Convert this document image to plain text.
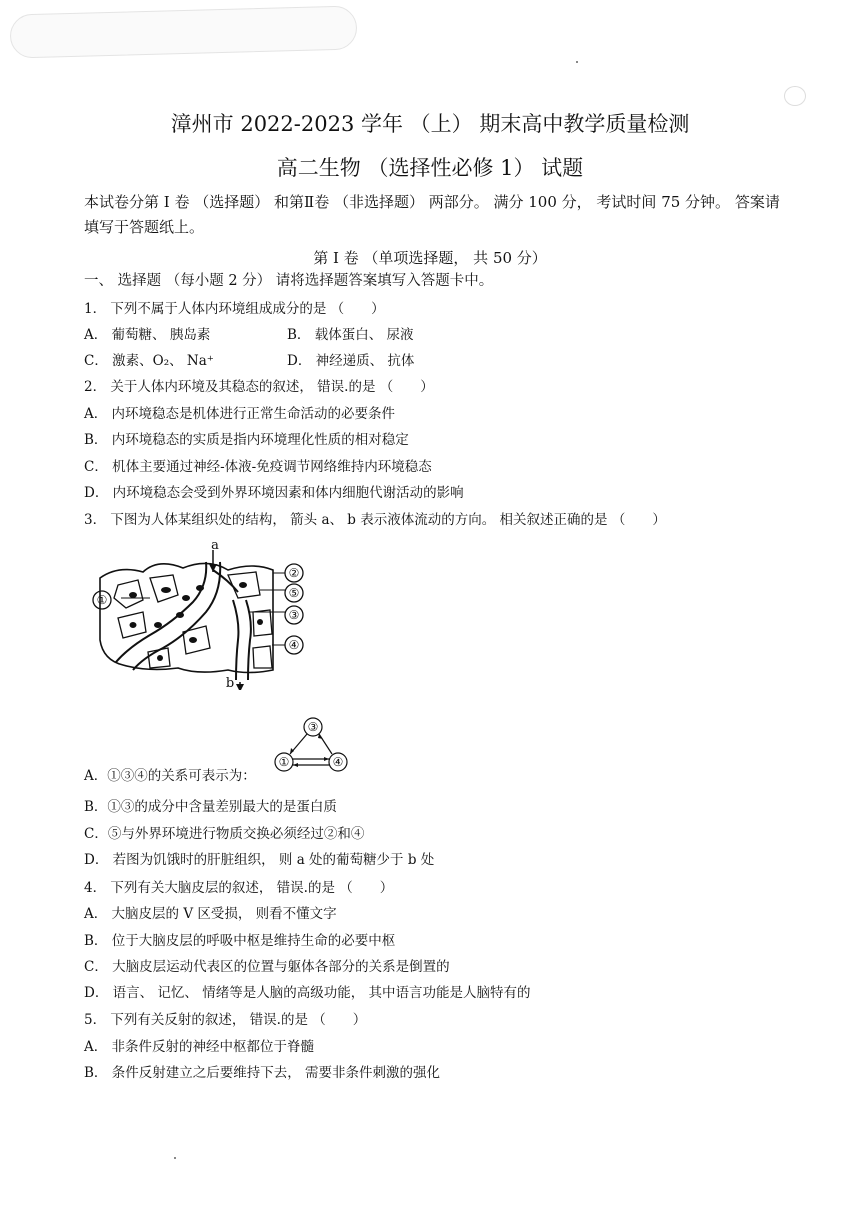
漳州市 2022-2023 学年 （上） 期末高中教学质量检测
高二生物 （选择性必修 1） 试题
本试卷分第 I 卷 （选择题） 和第Ⅱ卷 （非选择题） 两部分。 满分 100 分， 考试时间 75 分钟。 答案请填写于答题纸上。
第 I 卷 （单项选择题， 共 50 分）
一、 选择题 （每小题 2 分） 请将选择题答案填写入答题卡中。
1． 下列不属于人体内环境组成成分的是 （　　）
A． 葡萄糖、 胰岛素	B． 载体蛋白、 尿液
C． 激素、O₂、 Na⁺	D． 神经递质、 抗体
2． 关于人体内环境及其稳态的叙述， 错误.的是 （　　）
A． 内环境稳态是机体进行正常生命活动的必要条件
B． 内环境稳态的实质是指内环境理化性质的相对稳定
C． 机体主要通过神经-体液-免疫调节网络维持内环境稳态
D． 内环境稳态会受到外界环境因素和体内细胞代谢活动的影响
3． 下图为人体某组织处的结构， 箭头 a、 b 表示液体流动的方向。 相关叙述正确的是 （　　）
①
②
⑤
③
④
a
b
A．①③④的关系可表示为：
③
①	④
B．①③的成分中含量差别最大的是蛋白质
C．⑤与外界环境进行物质交换必须经过②和④
D． 若图为饥饿时的肝脏组织， 则 a 处的葡萄糖少于 b 处
4． 下列有关大脑皮层的叙述， 错误.的是 （　　）
A． 大脑皮层的 V 区受损， 则看不懂文字
B． 位于大脑皮层的呼吸中枢是维持生命的必要中枢
C． 大脑皮层运动代表区的位置与躯体各部分的关系是倒置的
D． 语言、 记忆、 情绪等是人脑的高级功能， 其中语言功能是人脑特有的
5． 下列有关反射的叙述， 错误.的是 （　　）
A． 非条件反射的神经中枢都位于脊髓
B． 条件反射建立之后要维持下去， 需要非条件刺激的强化
